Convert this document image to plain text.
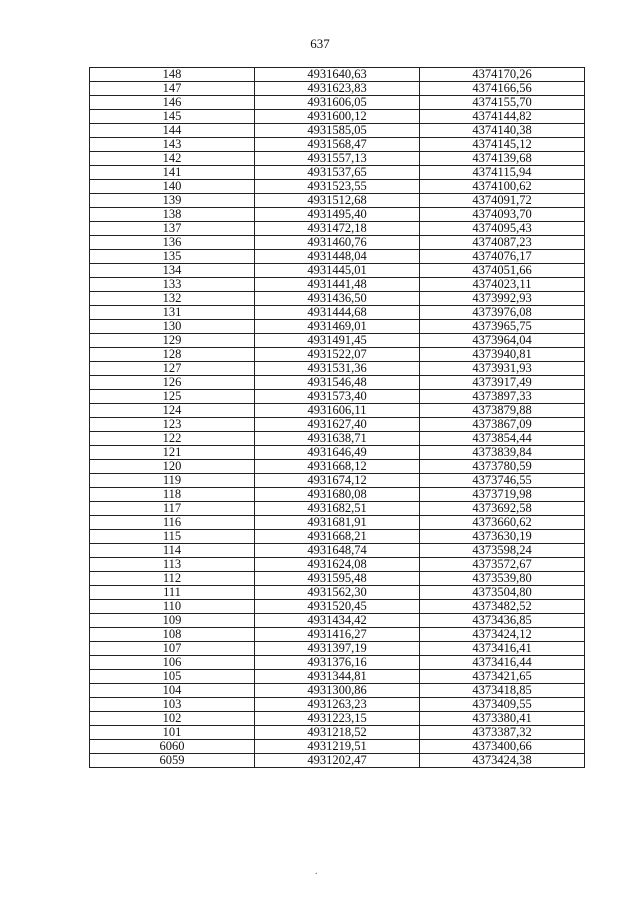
637
148	4931640,63	4374170,26
147	4931623,83	4374166,56
146	4931606,05	4374155,70
145	4931600,12	4374144,82
144	4931585,05	4374140,38
143	4931568,47	4374145,12
142	4931557,13	4374139,68
141	4931537,65	4374115,94
140	4931523,55	4374100,62
139	4931512,68	4374091,72
138	4931495,40	4374093,70
137	4931472,18	4374095,43
136	4931460,76	4374087,23
135	4931448,04	4374076,17
134	4931445,01	4374051,66
133	4931441,48	4374023,11
132	4931436,50	4373992,93
131	4931444,68	4373976,08
130	4931469,01	4373965,75
129	4931491,45	4373964,04
128	4931522,07	4373940,81
127	4931531,36	4373931,93
126	4931546,48	4373917,49
125	4931573,40	4373897,33
124	4931606,11	4373879,88
123	4931627,40	4373867,09
122	4931638,71	4373854,44
121	4931646,49	4373839,84
120	4931668,12	4373780,59
119	4931674,12	4373746,55
118	4931680,08	4373719,98
117	4931682,51	4373692,58
116	4931681,91	4373660,62
115	4931668,21	4373630,19
114	4931648,74	4373598,24
113	4931624,08	4373572,67
112	4931595,48	4373539,80
111	4931562,30	4373504,80
110	4931520,45	4373482,52
109	4931434,42	4373436,85
108	4931416,27	4373424,12
107	4931397,19	4373416,41
106	4931376,16	4373416,44
105	4931344,81	4373421,65
104	4931300,86	4373418,85
103	4931263,23	4373409,55
102	4931223,15	4373380,41
101	4931218,52	4373387,32
6060	4931219,51	4373400,66
6059	4931202,47	4373424,38
.
